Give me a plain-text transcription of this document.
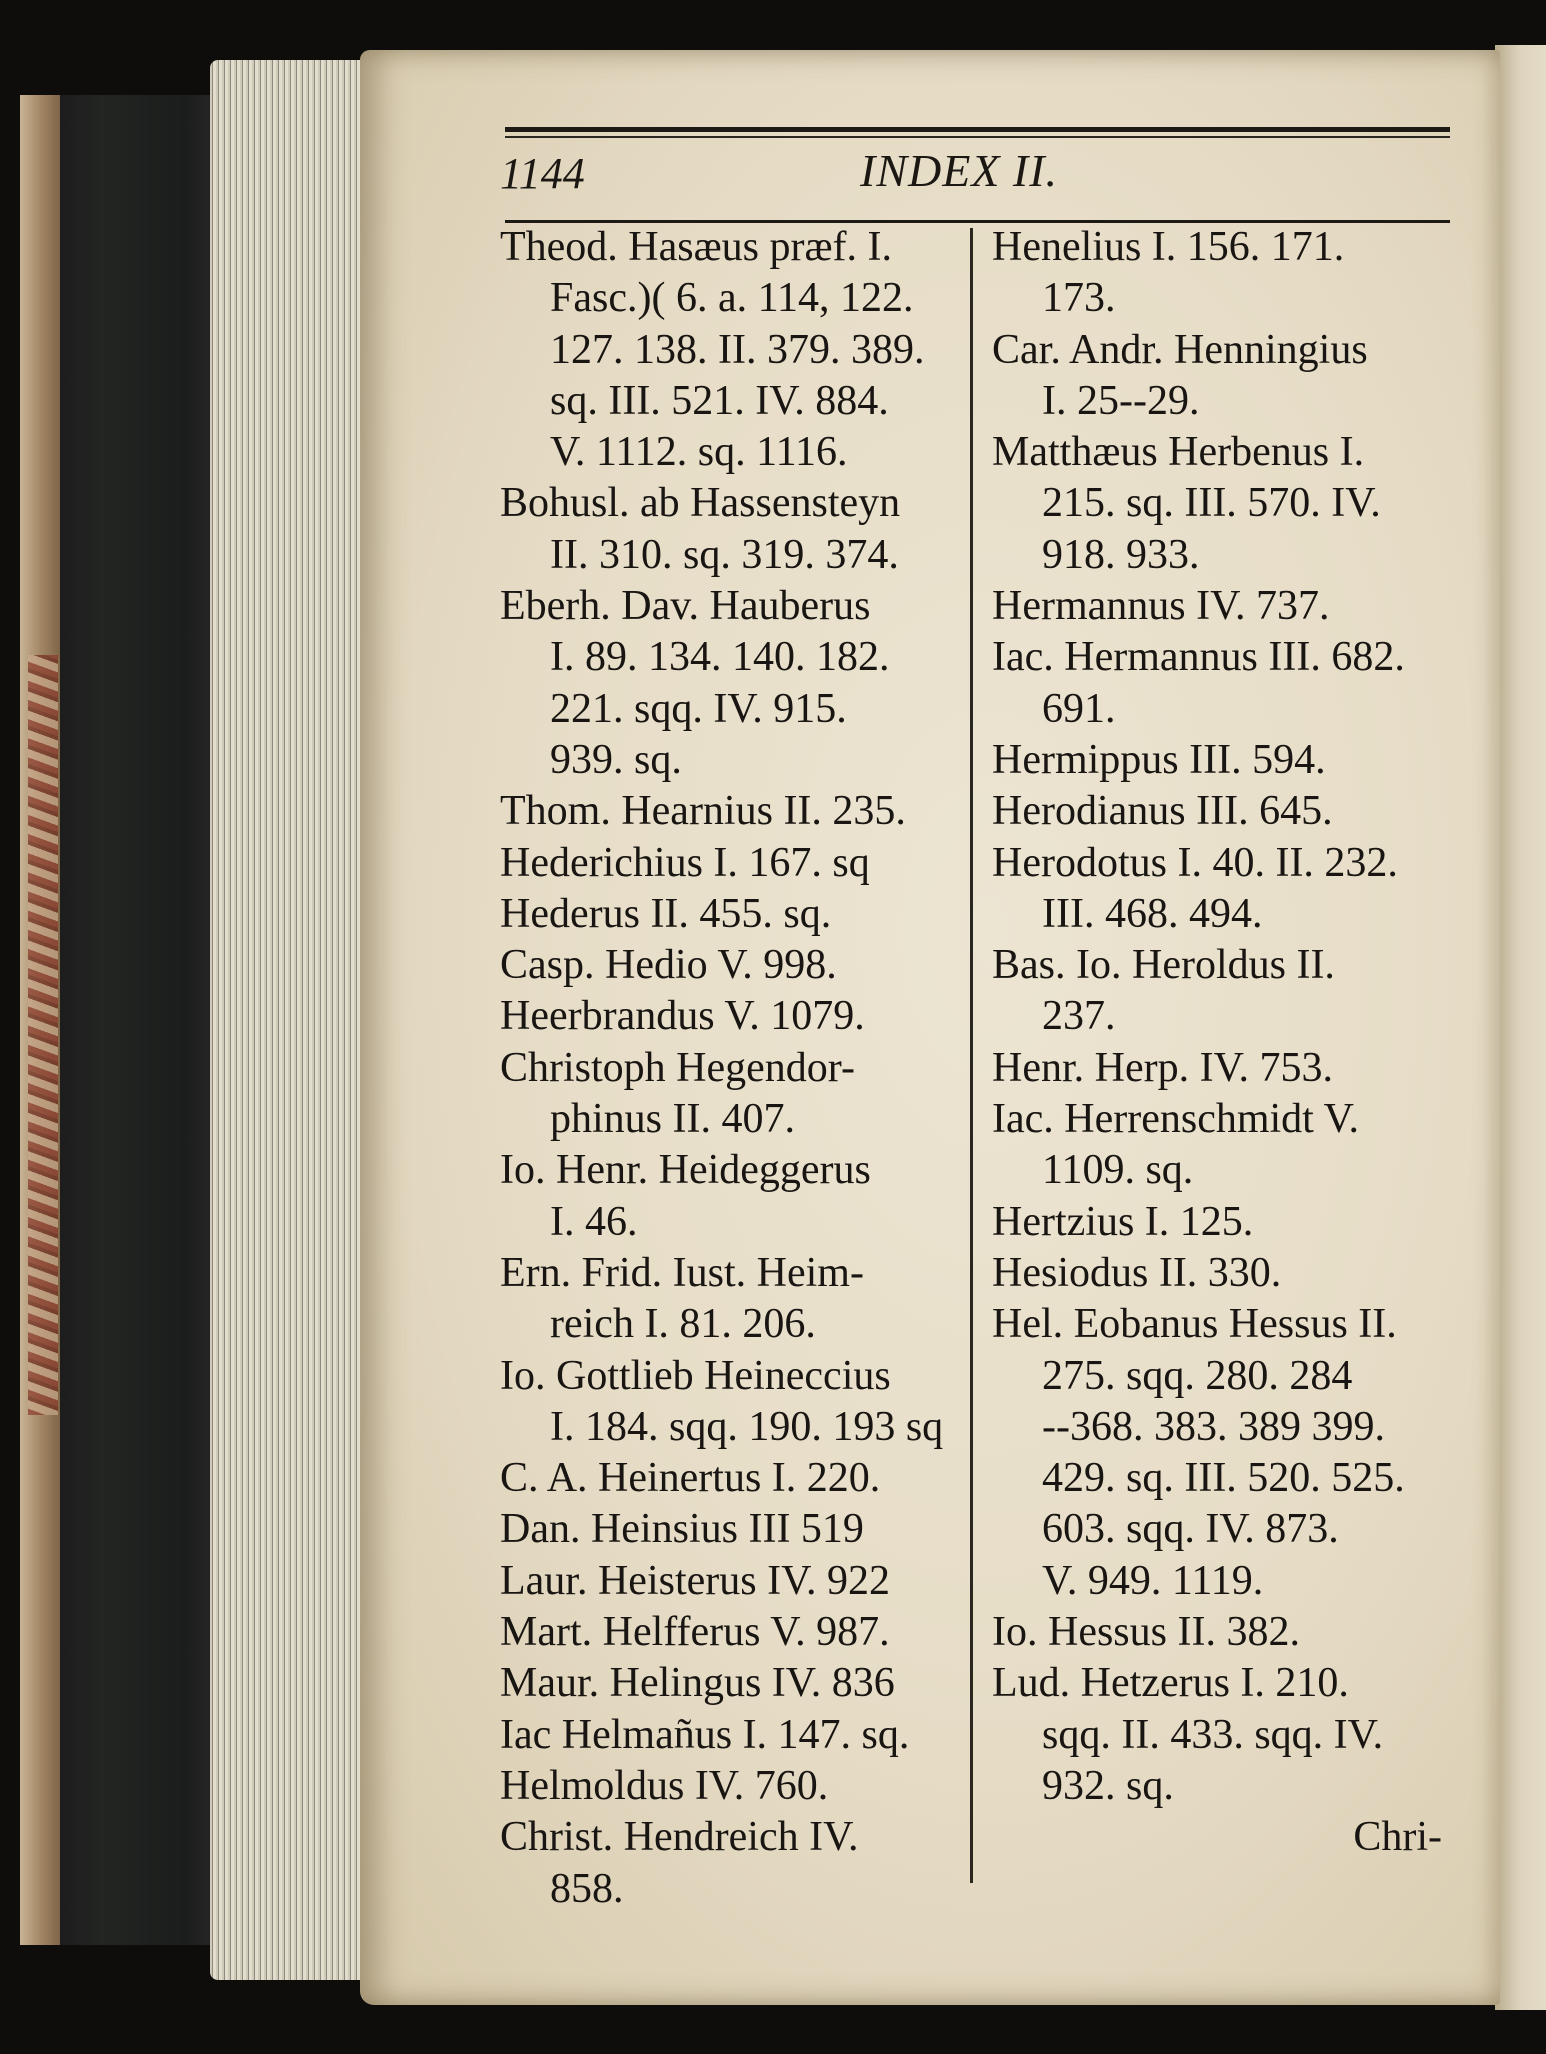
1144	INDEX II.
Theod. Hasæus præf. I.
Fasc.)( 6. a. 114, 122.
127. 138. II. 379. 389.
sq. III. 521. IV. 884.
V. 1112. sq. 1116.
Bohusl. ab Hassensteyn
II. 310. sq. 319. 374.
Eberh. Dav. Hauberus
I. 89. 134. 140. 182.
221. sqq. IV. 915.
939. sq.
Thom. Hearnius II. 235.
Hederichius I. 167. sq
Hederus II. 455. sq.
Casp. Hedio V. 998.
Heerbrandus V. 1079.
Christoph Hegendor-
phinus II. 407.
Io. Henr. Heideggerus
I. 46.
Ern. Frid. Iust. Heim-
reich I. 81. 206.
Io. Gottlieb Heineccius
I. 184. sqq. 190. 193 sq
C. A. Heinertus I. 220.
Dan. Heinsius III 519
Laur. Heisterus IV. 922
Mart. Helfferus V. 987.
Maur. Helingus IV. 836
Iac Helmañus I. 147. sq.
Helmoldus IV. 760.
Christ. Hendreich IV.
858.
Henelius I. 156. 171.
173.
Car. Andr. Henningius
I. 25--29.
Matthæus Herbenus I.
215. sq. III. 570. IV.
918. 933.
Hermannus IV. 737.
Iac. Hermannus III. 682.
691.
Hermippus III. 594.
Herodianus III. 645.
Herodotus I. 40. II. 232.
III. 468. 494.
Bas. Io. Heroldus II.
237.
Henr. Herp. IV. 753.
Iac. Herrenschmidt V.
1109. sq.
Hertzius I. 125.
Hesiodus II. 330.
Hel. Eobanus Hessus II.
275. sqq. 280. 284
--368. 383. 389 399.
429. sq. III. 520. 525.
603. sqq. IV. 873.
V. 949. 1119.
Io. Hessus II. 382.
Lud. Hetzerus I. 210.
sqq. II. 433. sqq. IV.
932. sq.
Chri-
